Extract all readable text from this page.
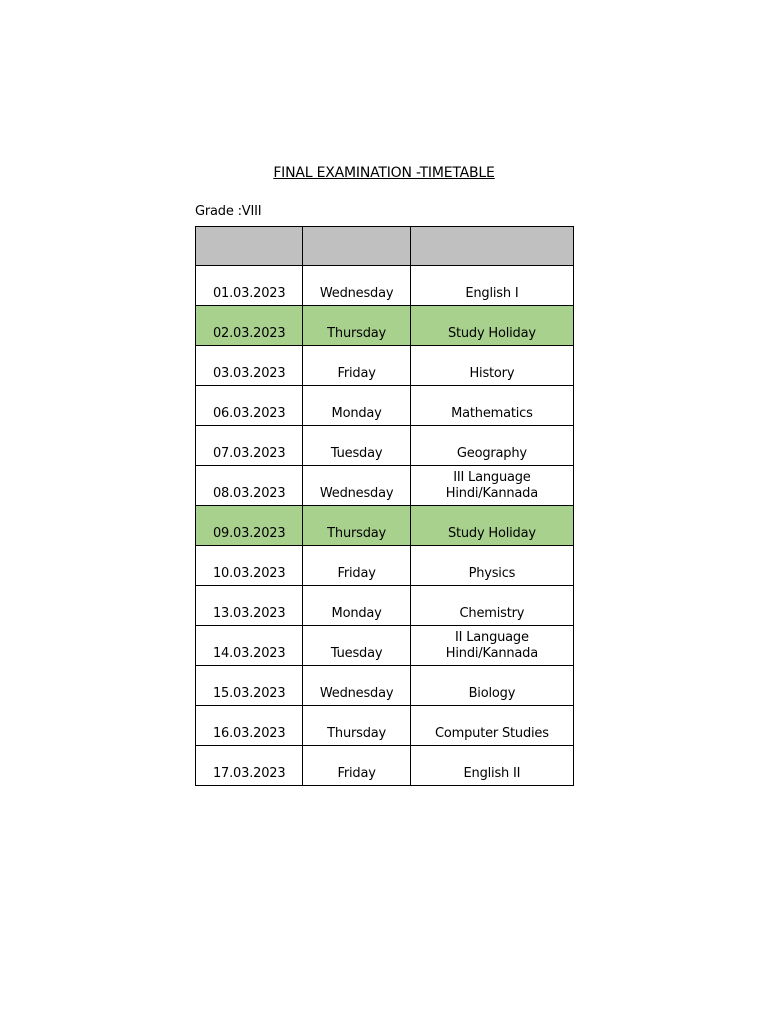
FINAL EXAMINATION -TIMETABLE
Grade :VIII

01.03.2023	Wednesday	English I

02.03.2023	Thursday	Study Holiday

03.03.2023	Friday	History

06.03.2023	Monday	Mathematics

07.03.2023	Tuesday	Geography

08.03.2023	Wednesday	III Language
Hindi/Kannada

09.03.2023	Thursday	Study Holiday

10.03.2023	Friday	Physics

13.03.2023	Monday	Chemistry

14.03.2023	Tuesday	II Language
Hindi/Kannada

15.03.2023	Wednesday	Biology

16.03.2023	Thursday	Computer Studies

17.03.2023	Friday	English II
